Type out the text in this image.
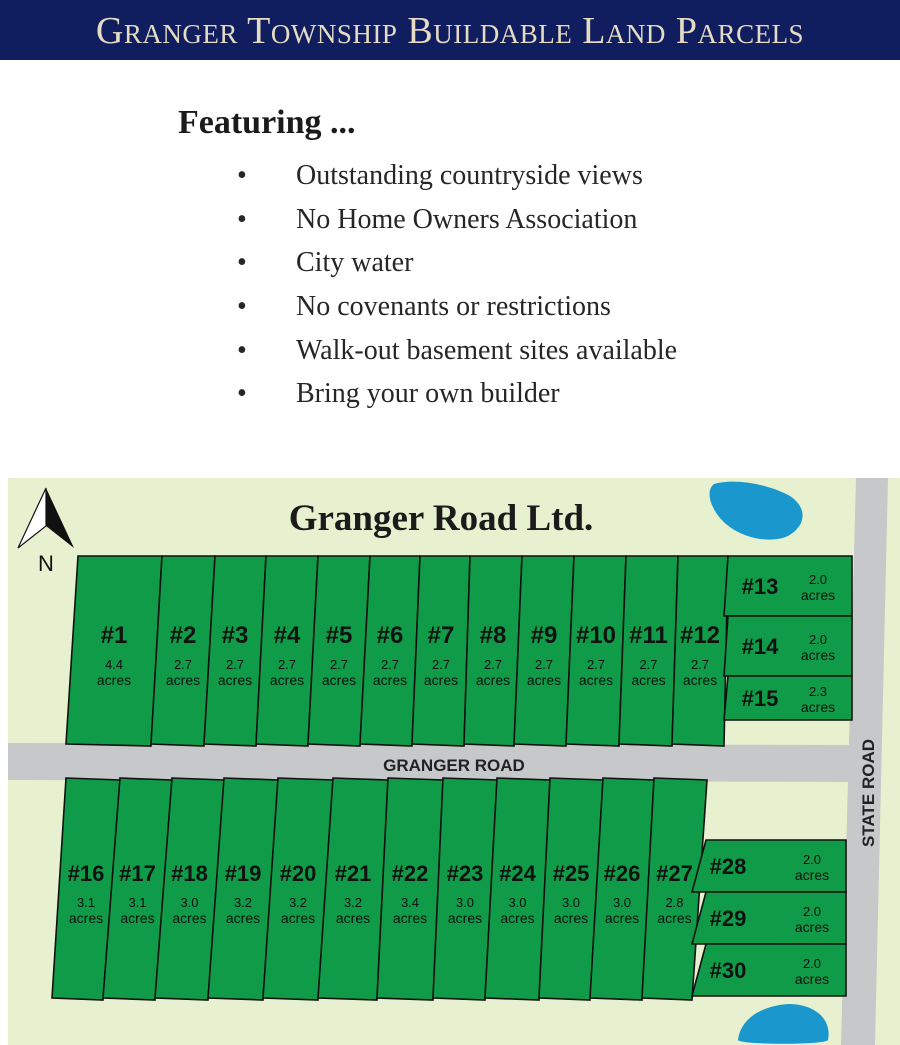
Granger Township Buildable Land Parcels
Featuring ...
• Outstanding countryside views
• No Home Owners Association
• City water
• No covenants or restrictions
• Walk-out basement sites available
• Bring your own builder
GRANGER ROAD	STATE ROAD
Granger Road Ltd.
N
#1
4.4
acres
#2
2.7
acres
#3
2.7
acres
#4
2.7
acres
#5
2.7
acres
#6
2.7
acres
#7
2.7
acres
#8
2.7
acres
#9
2.7
acres
#10
2.7
acres
#11
2.7
acres
#12
2.7
acres
#13 2.0
acres
#14 2.0
acres
#15 2.3
acres
#16
3.1
acres
#17
3.1
acres
#18
3.0
acres
#19
3.2
acres
#20
3.2
acres
#21
3.2
acres
#22
3.4
acres
#23
3.0
acres
#24
3.0
acres
#25
3.0
acres
#26
3.0
acres
#27
2.8
acres
#28	2.0
acres
#29	2.0
acres
#30	2.0
acres
